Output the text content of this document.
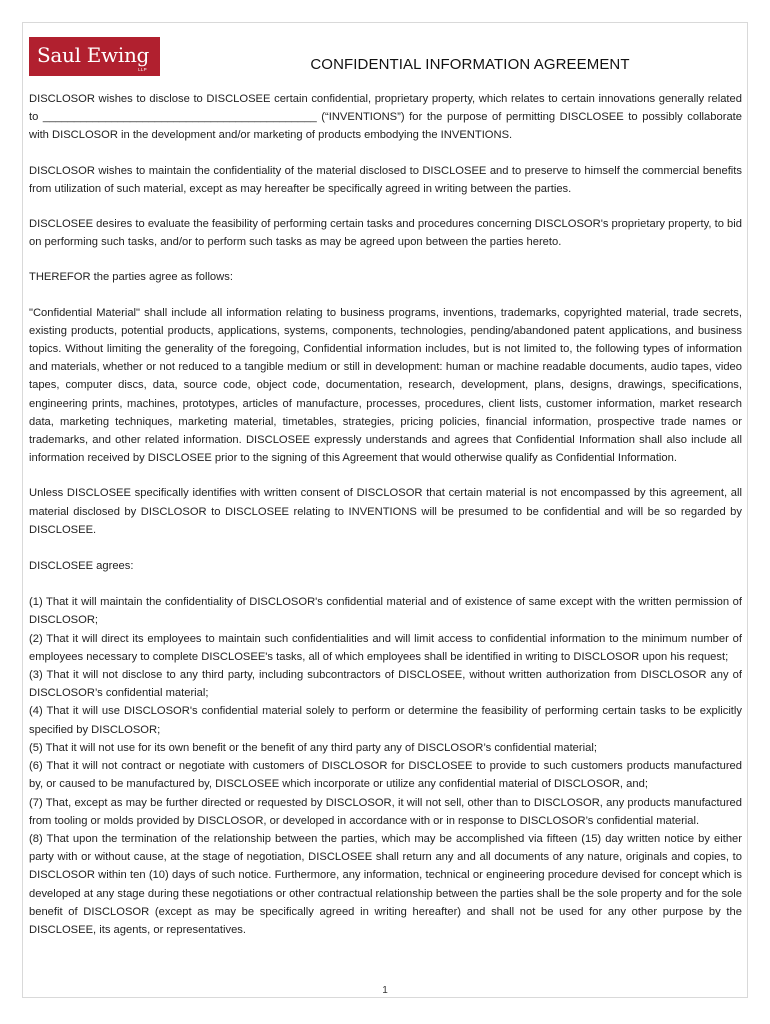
Saul Ewing
LLP	CONFIDENTIAL INFORMATION AGREEMENT

DISCLOSOR wishes to disclose to DISCLOSEE certain confidential, proprietary property, which relates to certain innovations generally related to ____________________________________________ (“INVENTIONS”) for the purpose of permitting DISCLOSEE to possibly collaborate with DISCLOSOR in the development and/or marketing of products embodying the INVENTIONS.

DISCLOSOR wishes to maintain the confidentiality of the material disclosed to DISCLOSEE and to preserve to himself the commercial benefits from utilization of such material, except as may hereafter be specifically agreed in writing between the parties.

DISCLOSEE desires to evaluate the feasibility of performing certain tasks and procedures concerning DISCLOSOR's proprietary property, to bid on performing such tasks, and/or to perform such tasks as may be agreed upon between the parties hereto.

THEREFOR the parties agree as follows:

"Confidential Material" shall include all information relating to business programs, inventions, trademarks, copyrighted material, trade secrets, existing products, potential products, applications, systems, components, technologies, pending/abandoned patent applications, and business topics. Without limiting the generality of the foregoing, Confidential information includes, but is not limited to, the following types of information and materials, whether or not reduced to a tangible medium or still in development: human or machine readable documents, audio tapes, video tapes, computer discs, data, source code, object code, documentation, research, development, plans, designs, drawings, specifications, engineering prints, machines, prototypes, articles of manufacture, processes, procedures, client lists, customer information, market research data, marketing techniques, marketing material, timetables, strategies, pricing policies, financial information, prospective trade names or trademarks, and other related information. DISCLOSEE expressly understands and agrees that Confidential Information shall also include all information received by DISCLOSEE prior to the signing of this Agreement that would otherwise qualify as Confidential Information.

Unless DISCLOSEE specifically identifies with written consent of DISCLOSOR that certain material is not encompassed by this agreement, all material disclosed by DISCLOSOR to DISCLOSEE relating to INVENTIONS will be presumed to be confidential and will be so regarded by DISCLOSEE.

DISCLOSEE agrees:

(1) That it will maintain the confidentiality of DISCLOSOR's confidential material and of existence of same except with the written permission of DISCLOSOR;

(2) That it will direct its employees to maintain such confidentialities and will limit access to confidential information to the minimum number of employees necessary to complete DISCLOSEE's tasks, all of which employees shall be identified in writing to DISCLOSOR upon his request;

(3) That it will not disclose to any third party, including subcontractors of DISCLOSEE, without written authorization from DISCLOSOR any of DISCLOSOR’s confidential material;

(4) That it will use DISCLOSOR's confidential material solely to perform or determine the feasibility of performing certain tasks to be explicitly specified by DISCLOSOR;

(5) That it will not use for its own benefit or the benefit of any third party any of DISCLOSOR’s confidential material;

(6) That it will not contract or negotiate with customers of DISCLOSOR for DISCLOSEE to provide to such customers products manufactured by, or caused to be manufactured by, DISCLOSEE which incorporate or utilize any confidential material of DISCLOSOR, and;

(7) That, except as may be further directed or requested by DISCLOSOR, it will not sell, other than to DISCLOSOR, any products manufactured from tooling or molds provided by DISCLOSOR, or developed in accordance with or in response to DISCLOSOR’s confidential material.

(8) That upon the termination of the relationship between the parties, which may be accomplished via fifteen (15) day written notice by either party with or without cause, at the stage of negotiation, DISCLOSEE shall return any and all documents of any nature, originals and copies, to DISCLOSOR within ten (10) days of such notice. Furthermore, any information, technical or engineering procedure devised for concept which is developed at any stage during these negotiations or other contractual relationship between the parties shall be the sole property and for the sole benefit of DISCLOSOR (except as may be specifically agreed in writing hereafter) and shall not be used for any other purpose by the DISCLOSEE, its agents, or representatives.

1
